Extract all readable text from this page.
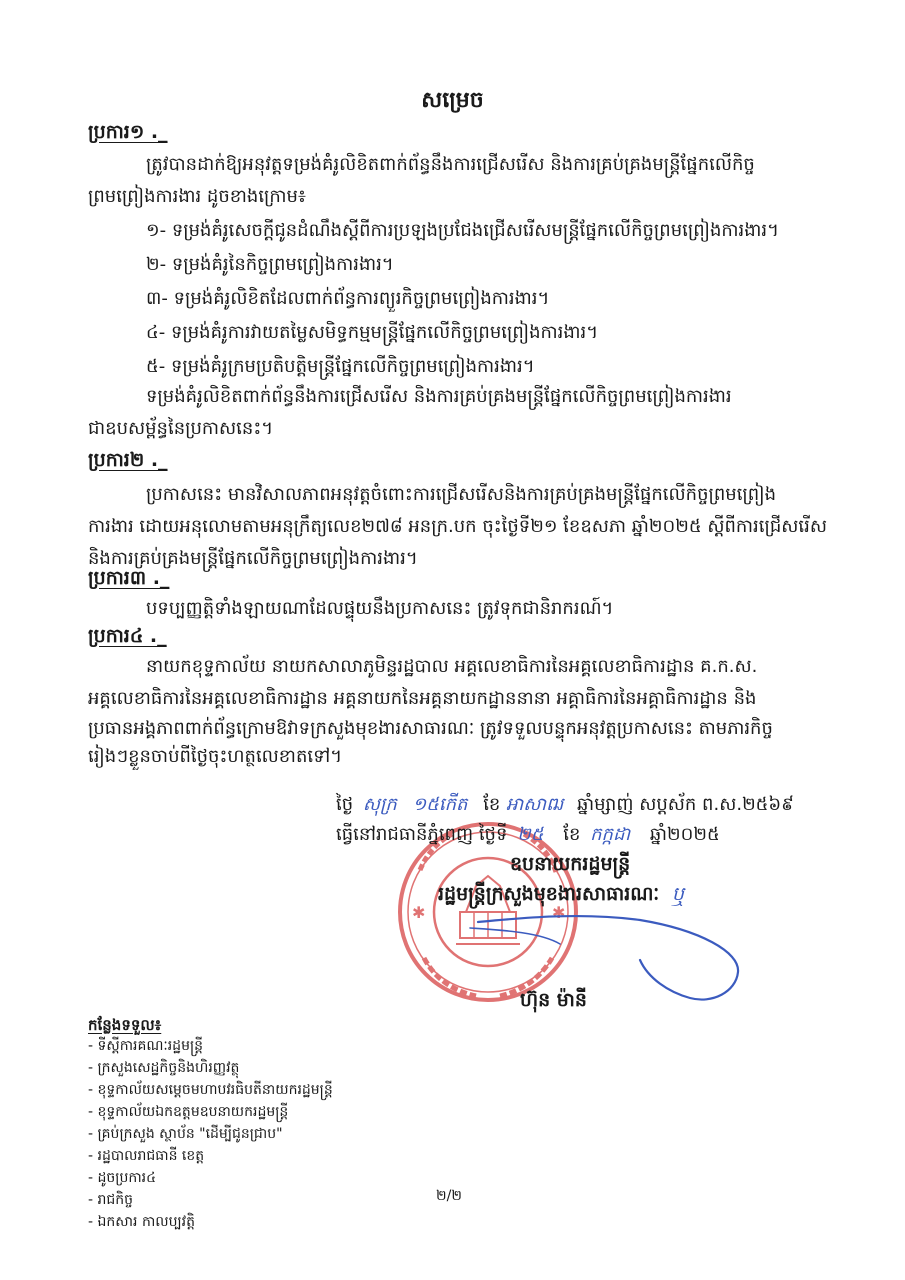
សម្រេច
ប្រការ១ ._
ត្រូវបានដាក់ឱ្យអនុវត្តទម្រង់គំរូលិខិតពាក់ព័ន្ធនឹងការជ្រើសរើស និងការគ្រប់គ្រងមន្ត្រីផ្នែកលើកិច្ច
ព្រមព្រៀងការងារ ដូចខាងក្រោម៖
១- ទម្រង់គំរូសេចក្តីជូនដំណឹងស្តីពីការប្រឡងប្រជែងជ្រើសរើសមន្ត្រីផ្នែកលើកិច្ចព្រមព្រៀងការងារ។
២- ទម្រង់គំរូនៃកិច្ចព្រមព្រៀងការងារ។
៣- ទម្រង់គំរូលិខិតដែលពាក់ព័ន្ធការព្យួរកិច្ចព្រមព្រៀងការងារ។
៤- ទម្រង់គំរូការវាយតម្លៃសមិទ្ធកម្មមន្ត្រីផ្នែកលើកិច្ចព្រមព្រៀងការងារ។
៥- ទម្រង់គំរូក្រមប្រតិបត្តិមន្ត្រីផ្នែកលើកិច្ចព្រមព្រៀងការងារ។
ទម្រង់គំរូលិខិតពាក់ព័ន្ធនឹងការជ្រើសរើស និងការគ្រប់គ្រងមន្ត្រីផ្នែកលើកិច្ចព្រមព្រៀងការងារ
ជាឧបសម្ព័ន្ធនៃប្រកាសនេះ។
ប្រការ២ ._
ប្រកាសនេះ មានវិសាលភាពអនុវត្តចំពោះការជ្រើសរើសនិងការគ្រប់គ្រងមន្ត្រីផ្នែកលើកិច្ចព្រមព្រៀង
ការងារ ដោយអនុលោមតាមអនុក្រឹត្យលេខ២៧៨ អនក្រ.បក ចុះថ្ងៃទី២១ ខែឧសភា ឆ្នាំ២០២៥ ស្តីពីការជ្រើសរើស
និងការគ្រប់គ្រងមន្ត្រីផ្នែកលើកិច្ចព្រមព្រៀងការងារ។
ប្រការ៣ ._
បទប្បញ្ញត្តិទាំងឡាយណាដែលផ្ទុយនឹងប្រកាសនេះ ត្រូវទុកជានិរាករណ៍។
ប្រការ៤ ._
នាយកខុទ្ទកាល័យ នាយកសាលាភូមិន្ទរដ្ឋបាល អគ្គលេខាធិការនៃអគ្គលេខាធិការដ្ឋាន គ.ក.ស.
អគ្គលេខាធិការនៃអគ្គលេខាធិការដ្ឋាន អគ្គនាយកនៃអគ្គនាយកដ្ឋាននានា អគ្គាធិការនៃអគ្គាធិការដ្ឋាន និង
ប្រធានអង្គភាពពាក់ព័ន្ធក្រោមឱវាទក្រសួងមុខងារសាធារណៈ ត្រូវទទួលបន្ទុកអនុវត្តប្រកាសនេះ តាមភារកិច្ច
រៀងៗខ្លួនចាប់ពីថ្ងៃចុះហត្ថលេខាតទៅ។
✱	✱
ថ្ងៃ សុក្រ ១៥កើត ខែ អាសាឍ ឆ្នាំម្សាញ់ សប្តស័ក ព.ស.២៥៦៩
ធ្វើនៅរាជធានីភ្នំពេញ ថ្ងៃទី ២៥ ខែ កក្កដា ឆ្នាំ២០២៥
ឧបនាយករដ្ឋមន្ត្រី
រដ្ឋមន្ត្រីក្រសួងមុខងារសាធារណៈ ឬ
ហ៊ុន ម៉ានី
កន្លែងទទួល៖
- ទីស្តីការគណៈរដ្ឋមន្ត្រី
- ក្រសួងសេដ្ឋកិច្ចនិងហិរញ្ញវត្ថុ
- ខុទ្ទកាល័យសម្តេចមហាបវរធិបតីនាយករដ្ឋមន្ត្រី
- ខុទ្ទកាល័យឯកឧត្តមឧបនាយករដ្ឋមន្ត្រី
- គ្រប់ក្រសួង ស្ថាប័ន "ដើម្បីជូនជ្រាប"
- រដ្ឋបាលរាជធានី ខេត្ត
- ដូចប្រការ៤
- រាជកិច្ច
- ឯកសារ កាលប្បវត្តិ
២/២
